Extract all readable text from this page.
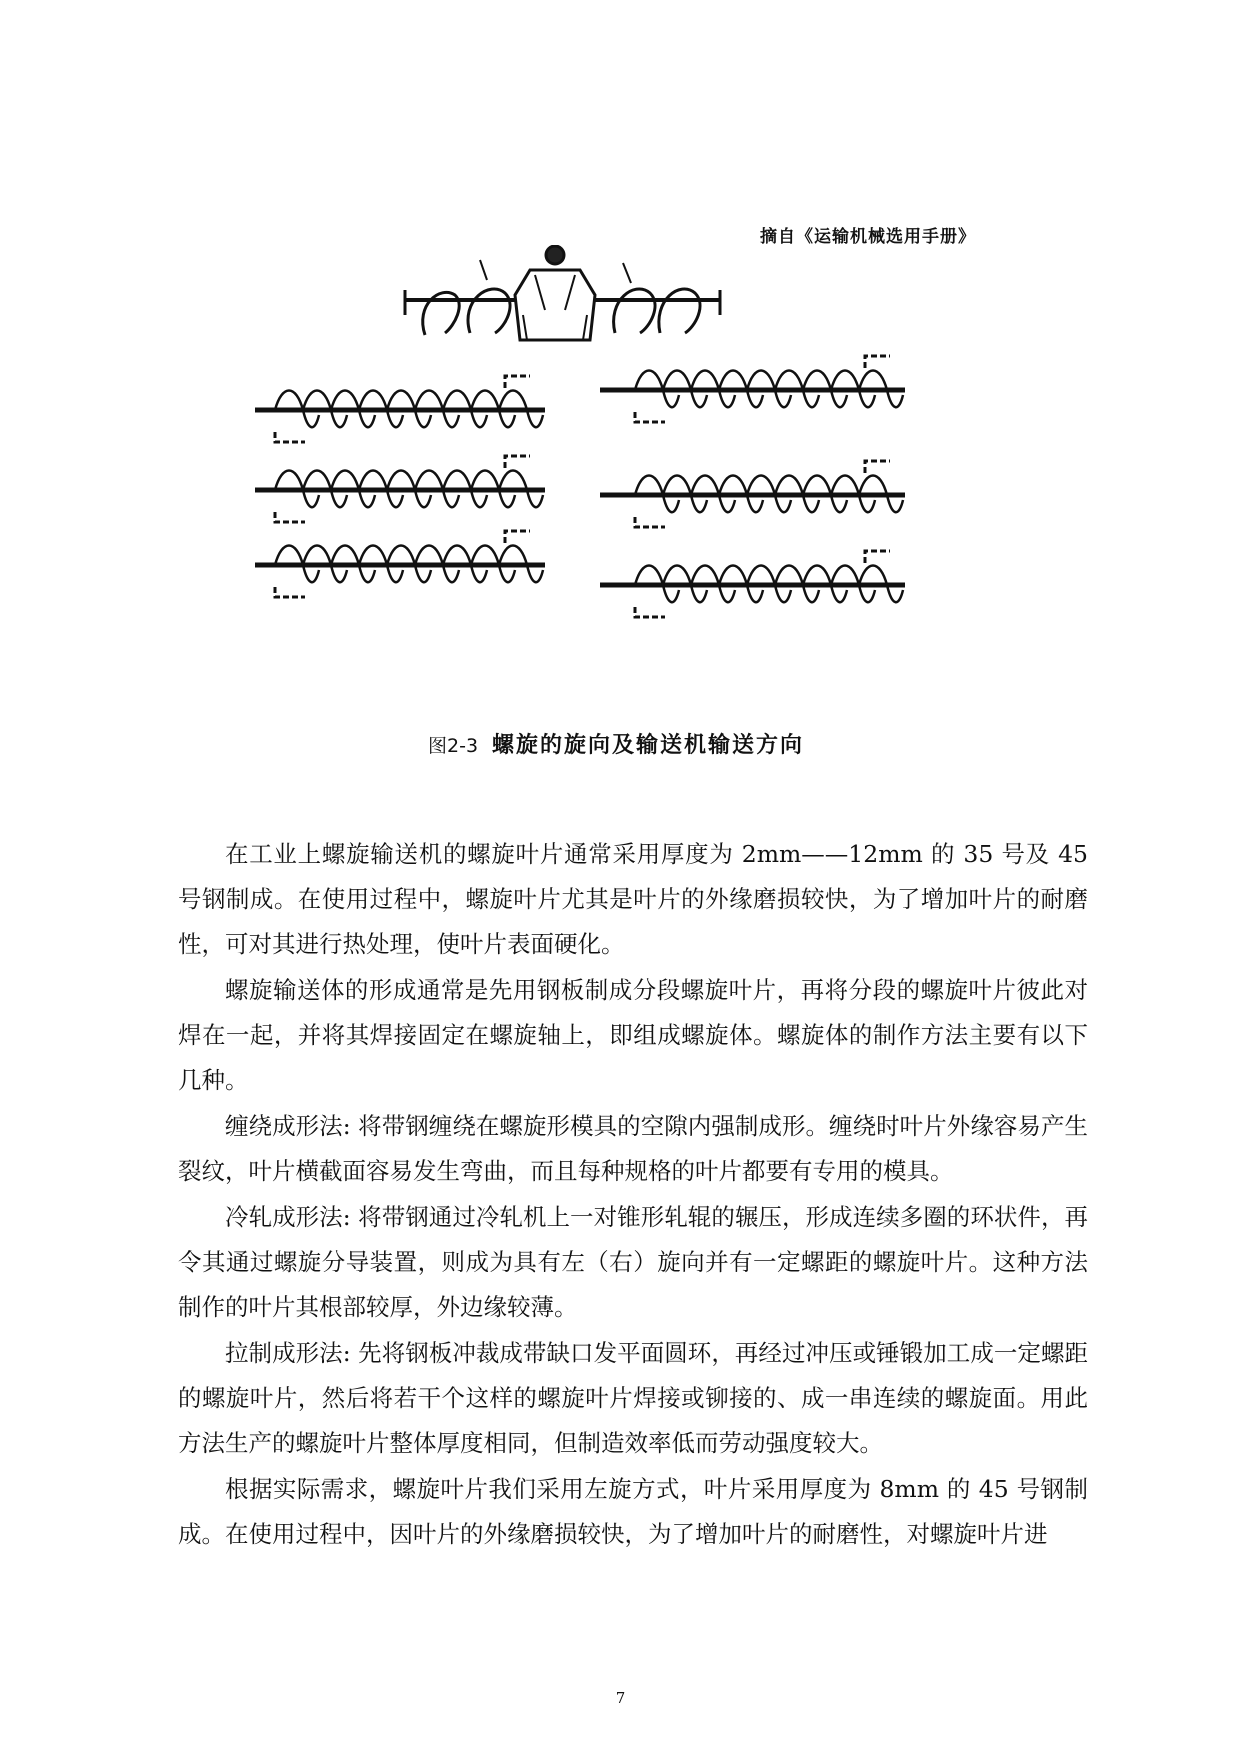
摘自《运输机械选用手册》
图2-3 螺旋的旋向及输送机输送方向

在工业上螺旋输送机的螺旋叶片通常采用厚度为 2mm——12mm 的 35 号及 45 号钢制成。在使用过程中，螺旋叶片尤其是叶片的外缘磨损较快，为了增加叶片的耐磨性，可对其进行热处理，使叶片表面硬化。

螺旋输送体的形成通常是先用钢板制成分段螺旋叶片，再将分段的螺旋叶片彼此对焊在一起，并将其焊接固定在螺旋轴上，即组成螺旋体。螺旋体的制作方法主要有以下几种。

缠绕成形法: 将带钢缠绕在螺旋形模具的空隙内强制成形。缠绕时叶片外缘容易产生裂纹，叶片横截面容易发生弯曲，而且每种规格的叶片都要有专用的模具。

冷轧成形法: 将带钢通过冷轧机上一对锥形轧辊的辗压，形成连续多圈的环状件，再令其通过螺旋分导装置，则成为具有左（右）旋向并有一定螺距的螺旋叶片。这种方法制作的叶片其根部较厚，外边缘较薄。

拉制成形法: 先将钢板冲裁成带缺口发平面圆环，再经过冲压或锤锻加工成一定螺距的螺旋叶片，然后将若干个这样的螺旋叶片焊接或铆接的、成一串连续的螺旋面。用此方法生产的螺旋叶片整体厚度相同，但制造效率低而劳动强度较大。

根据实际需求，螺旋叶片我们采用左旋方式，叶片采用厚度为 8mm 的 45 号钢制成。在使用过程中，因叶片的外缘磨损较快，为了增加叶片的耐磨性，对螺旋叶片进

7
